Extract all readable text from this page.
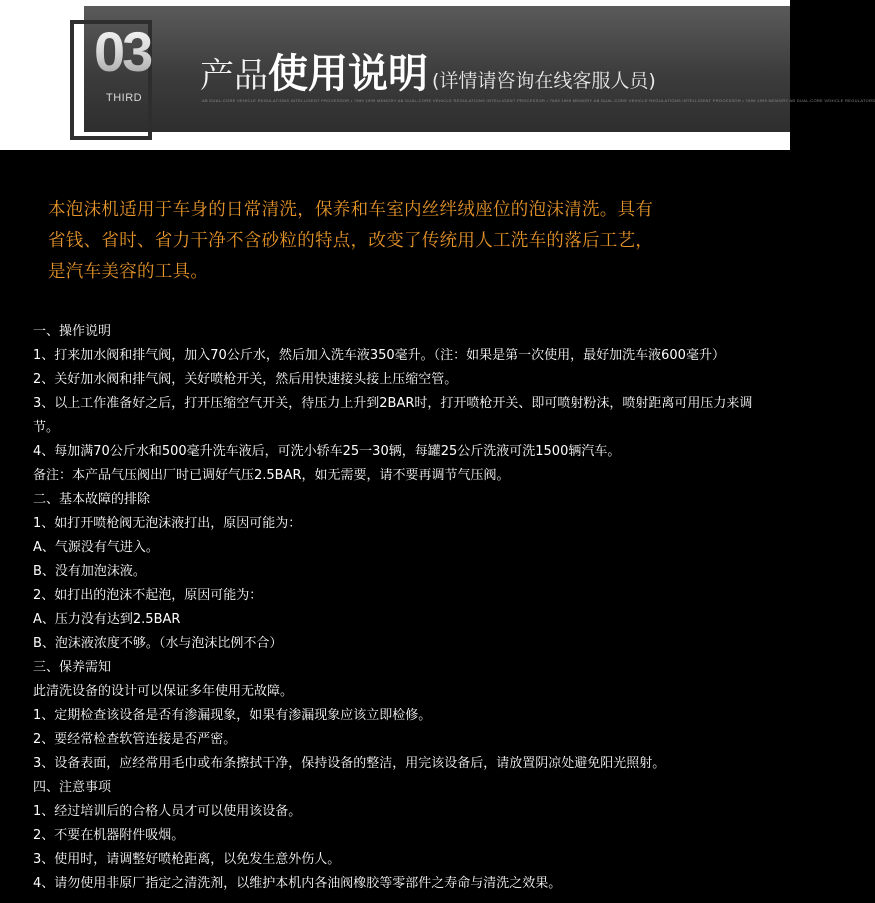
03
THIRD
产品使用说明 (详情请咨询在线客服人员)
AB DUAL-CORE VEHICLE REGULATIONS INTELLIGENT PROCESSOR • 7699 1999 MEMORY AB DUAL-CORE VEHICLE REGULATIONS INTELLIGENT PROCESSOR • 7699 1999 MEMORY AB DUAL-CORE VEHICLE REGULATIONS INTELLIGENT PROCESSOR • 7699 1999 MEMORY AB DUAL-CORE VEHICLE REGULATORS
本泡沫机适用于车身的日常清洗，保养和车室内丝绊绒座位的泡沫清洗。具有
省钱、省时、省力干净不含砂粒的特点，改变了传统用人工洗车的落后工艺，
是汽车美容的工具。
一、操作说明
1、打来加水阀和排气阀，加入70公斤水，然后加入洗车液350毫升。（注：如果是第一次使用，最好加洗车液600毫升）
2、关好加水阀和排气阀，关好喷枪开关，然后用快速接头接上压缩空管。
3、以上工作准备好之后，打开压缩空气开关，待压力上升到2BAR时，打开喷枪开关、即可喷射粉沫，喷射距离可用压力来调节。
4、每加满70公斤水和500毫升洗车液后，可洗小轿车25一30辆，每罐25公斤洗液可洗1500辆汽车。
备注：本产品气压阀出厂时已调好气压2.5BAR，如无需要，请不要再调节气压阀。
二、基本故障的排除
1、如打开喷枪阀无泡沫液打出，原因可能为：
A、气源没有气进入。
B、没有加泡沫液。
2、如打出的泡沫不起泡，原因可能为：
A、压力没有达到2.5BAR
B、泡沫液浓度不够。（水与泡沫比例不合）
三、保养需知
此清洗设备的设计可以保证多年使用无故障。
1、定期检查该设备是否有渗漏现象，如果有渗漏现象应该立即检修。
2、要经常检查软管连接是否严密。
3、设备表面，应经常用毛巾或布条擦拭干净，保持设备的整洁，用完该设备后，请放置阴凉处避免阳光照射。
四、注意事项
1、经过培训后的合格人员才可以使用该设备。
2、不要在机器附件吸烟。
3、使用时，请调整好喷枪距离，以免发生意外伤人。
4、请勿使用非原厂指定之清洗剂，以维护本机内各油阀橡胶等零部件之寿命与清洗之效果。
